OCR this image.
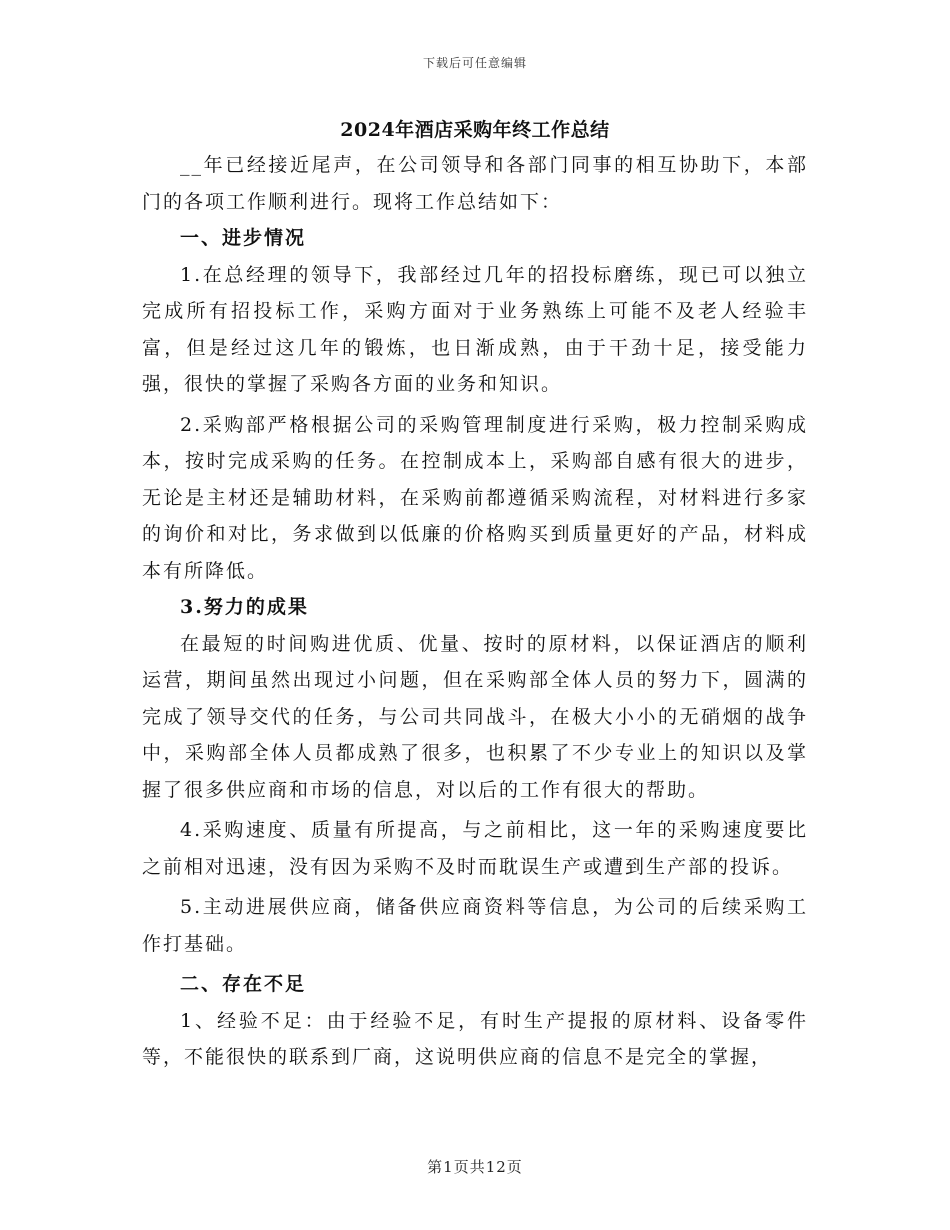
下载后可任意编辑
2024年酒店采购年终工作总结

__年已经接近尾声，在公司领导和各部门同事的相互协助下，本部门的各项工作顺利进行。现将工作总结如下：

一、进步情况

1.在总经理的领导下，我部经过几年的招投标磨练，现已可以独立完成所有招投标工作，采购方面对于业务熟练上可能不及老人经验丰富，但是经过这几年的锻炼，也日渐成熟，由于干劲十足，接受能力强，很快的掌握了采购各方面的业务和知识。

2.采购部严格根据公司的采购管理制度进行采购，极力控制采购成本，按时完成采购的任务。在控制成本上，采购部自感有很大的进步，无论是主材还是辅助材料，在采购前都遵循采购流程，对材料进行多家的询价和对比，务求做到以低廉的价格购买到质量更好的产品，材料成本有所降低。

3.努力的成果

在最短的时间购进优质、优量、按时的原材料，以保证酒店的顺利运营，期间虽然出现过小问题，但在采购部全体人员的努力下，圆满的完成了领导交代的任务，与公司共同战斗，在极大小小的无硝烟的战争中，采购部全体人员都成熟了很多，也积累了不少专业上的知识以及掌握了很多供应商和市场的信息，对以后的工作有很大的帮助。

4.采购速度、质量有所提高，与之前相比，这一年的采购速度要比之前相对迅速，没有因为采购不及时而耽误生产或遭到生产部的投诉。

5.主动进展供应商，储备供应商资料等信息，为公司的后续采购工作打基础。

二、存在不足

1、经验不足：由于经验不足，有时生产提报的原材料、设备零件等，不能很快的联系到厂商，这说明供应商的信息不是完全的掌握，

第1页共12页
